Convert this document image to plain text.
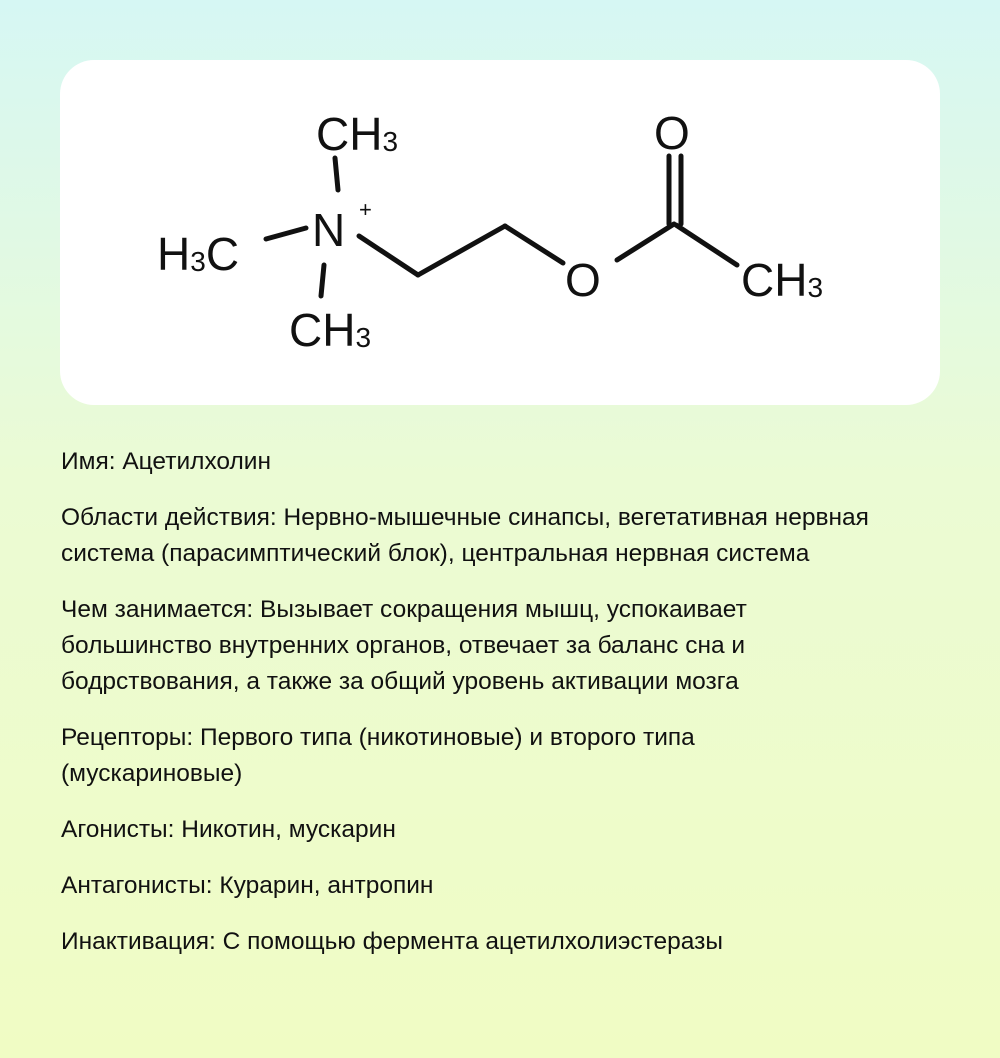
CH3
N +
H3C
CH3
O
O	CH3
Имя: Ацетилхолин
Области действия: Нервно-мышечные синапсы, вегетативная нервная система (парасимптический блок), центральная нервная система
Чем занимается: Вызывает сокращения мышц, успокаивает большинство внутренних органов, отвечает за баланс сна и бодрствования, а также за общий уровень активации мозга
Рецепторы: Первого типа (никотиновые) и второго типа (мускариновые)
Агонисты: Никотин, мускарин
Антагонисты: Курарин, антропин
Инактивация: С помощью фермента ацетилхолиэстеразы
